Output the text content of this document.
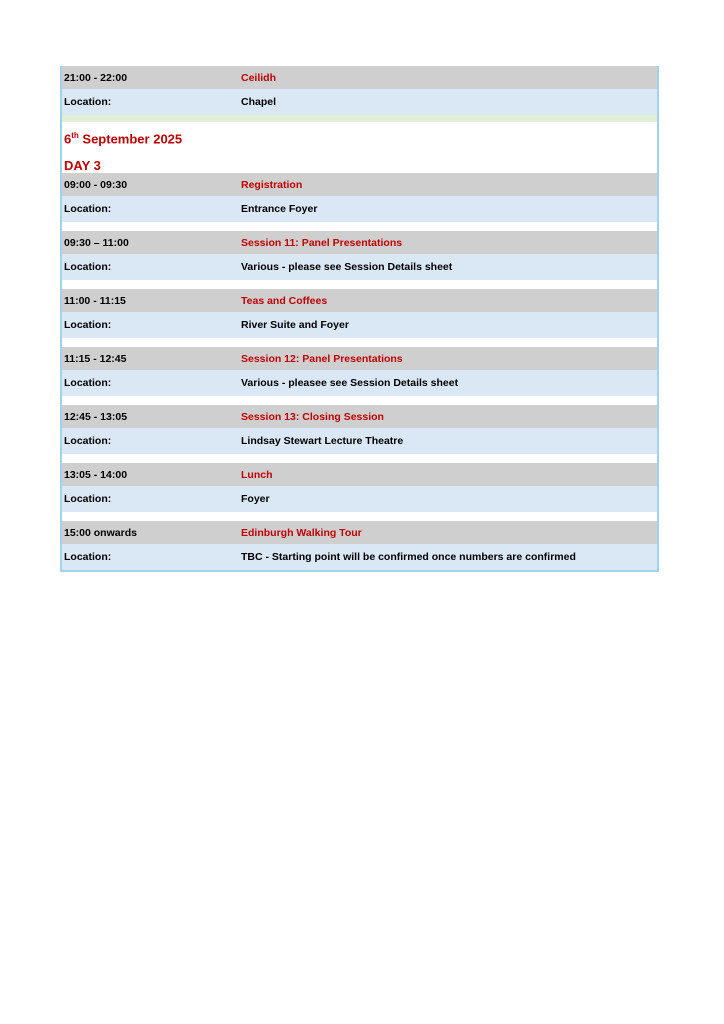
21:00 - 22:00	Ceilidh
Location:	Chapel
6th September 2025
DAY 3
09:00 - 09:30	Registration
Location:	Entrance Foyer
09:30 – 11:00	Session 11: Panel Presentations
Location:	Various - please see Session Details sheet
11:00 - 11:15	Teas and Coffees
Location:	River Suite and Foyer
11:15 - 12:45	Session 12: Panel Presentations
Location:	Various - pleasee see Session Details sheet
12:45 - 13:05	Session 13: Closing Session
Location:	Lindsay Stewart Lecture Theatre
13:05 - 14:00	Lunch
Location:	Foyer
15:00 onwards	Edinburgh Walking Tour
Location:	TBC - Starting point will be confirmed once numbers are confirmed
